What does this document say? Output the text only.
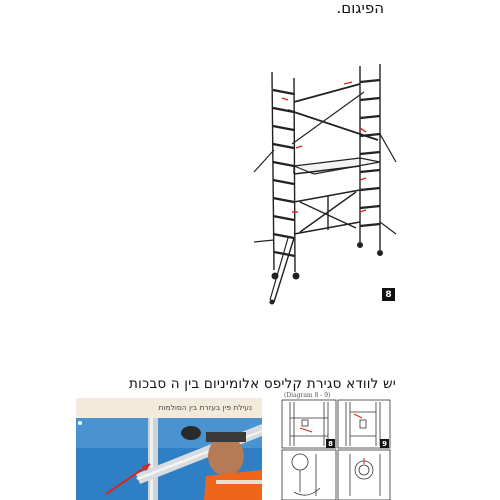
הפיגום.
8
יש לוודא סגירת קליפס אלומיניום בין ה סבכות
נעילת פין בעזרת בין הסולמות
(Diagram 8 - 9)
8	9
